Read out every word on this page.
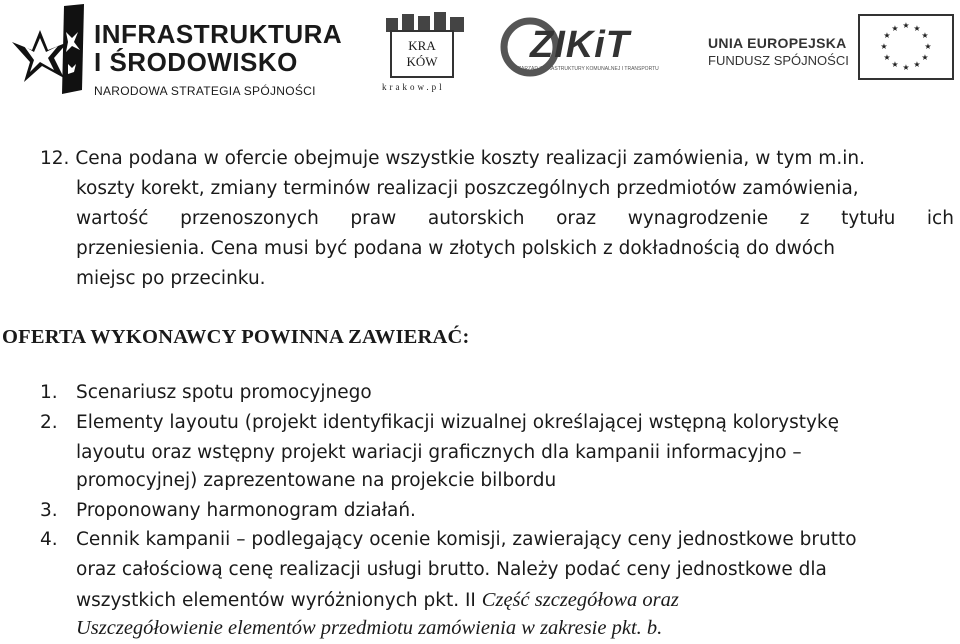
INFRASTRUKTURA
I ŚRODOWISKO
NARODOWA STRATEGIA SPÓJNOŚCI
KRA
KÓW
krakow.pl
ZIKiT
ZARZĄD INFRASTRUKTURY KOMUNALNEJ I TRANSPORTU
UNIA EUROPEJSKA
FUNDUSZ SPÓJNOŚCI
★ ★
★
★
★
★
★
★
★
★
★
★
12. Cena podana w ofercie obejmuje wszystkie koszty realizacji zamówienia, w tym m.in.
koszty korekt, zmiany terminów realizacji poszczególnych przedmiotów zamówienia,
wartość przenoszonych praw autorskich oraz wynagrodzenie z tytułu ich
przeniesienia. Cena musi być podana w złotych polskich z dokładnością do dwóch
miejsc po przecinku.
OFERTA WYKONAWCY POWINNA ZAWIERAĆ:
1. Scenariusz spotu promocyjnego
2. Elementy layoutu (projekt identyfikacji wizualnej określającej wstępną kolorystykę
layoutu oraz wstępny projekt wariacji graficznych dla kampanii informacyjno –
promocyjnej) zaprezentowane na projekcie bilbordu
3. Proponowany harmonogram działań.
4. Cennik kampanii – podlegający ocenie komisji, zawierający ceny jednostkowe brutto
oraz całościową cenę realizacji usługi brutto. Należy podać ceny jednostkowe dla
wszystkich elementów wyróżnionych pkt. II Część szczegółowa oraz
Uszczegółowienie elementów przedmiotu zamówienia w zakresie pkt. b.
